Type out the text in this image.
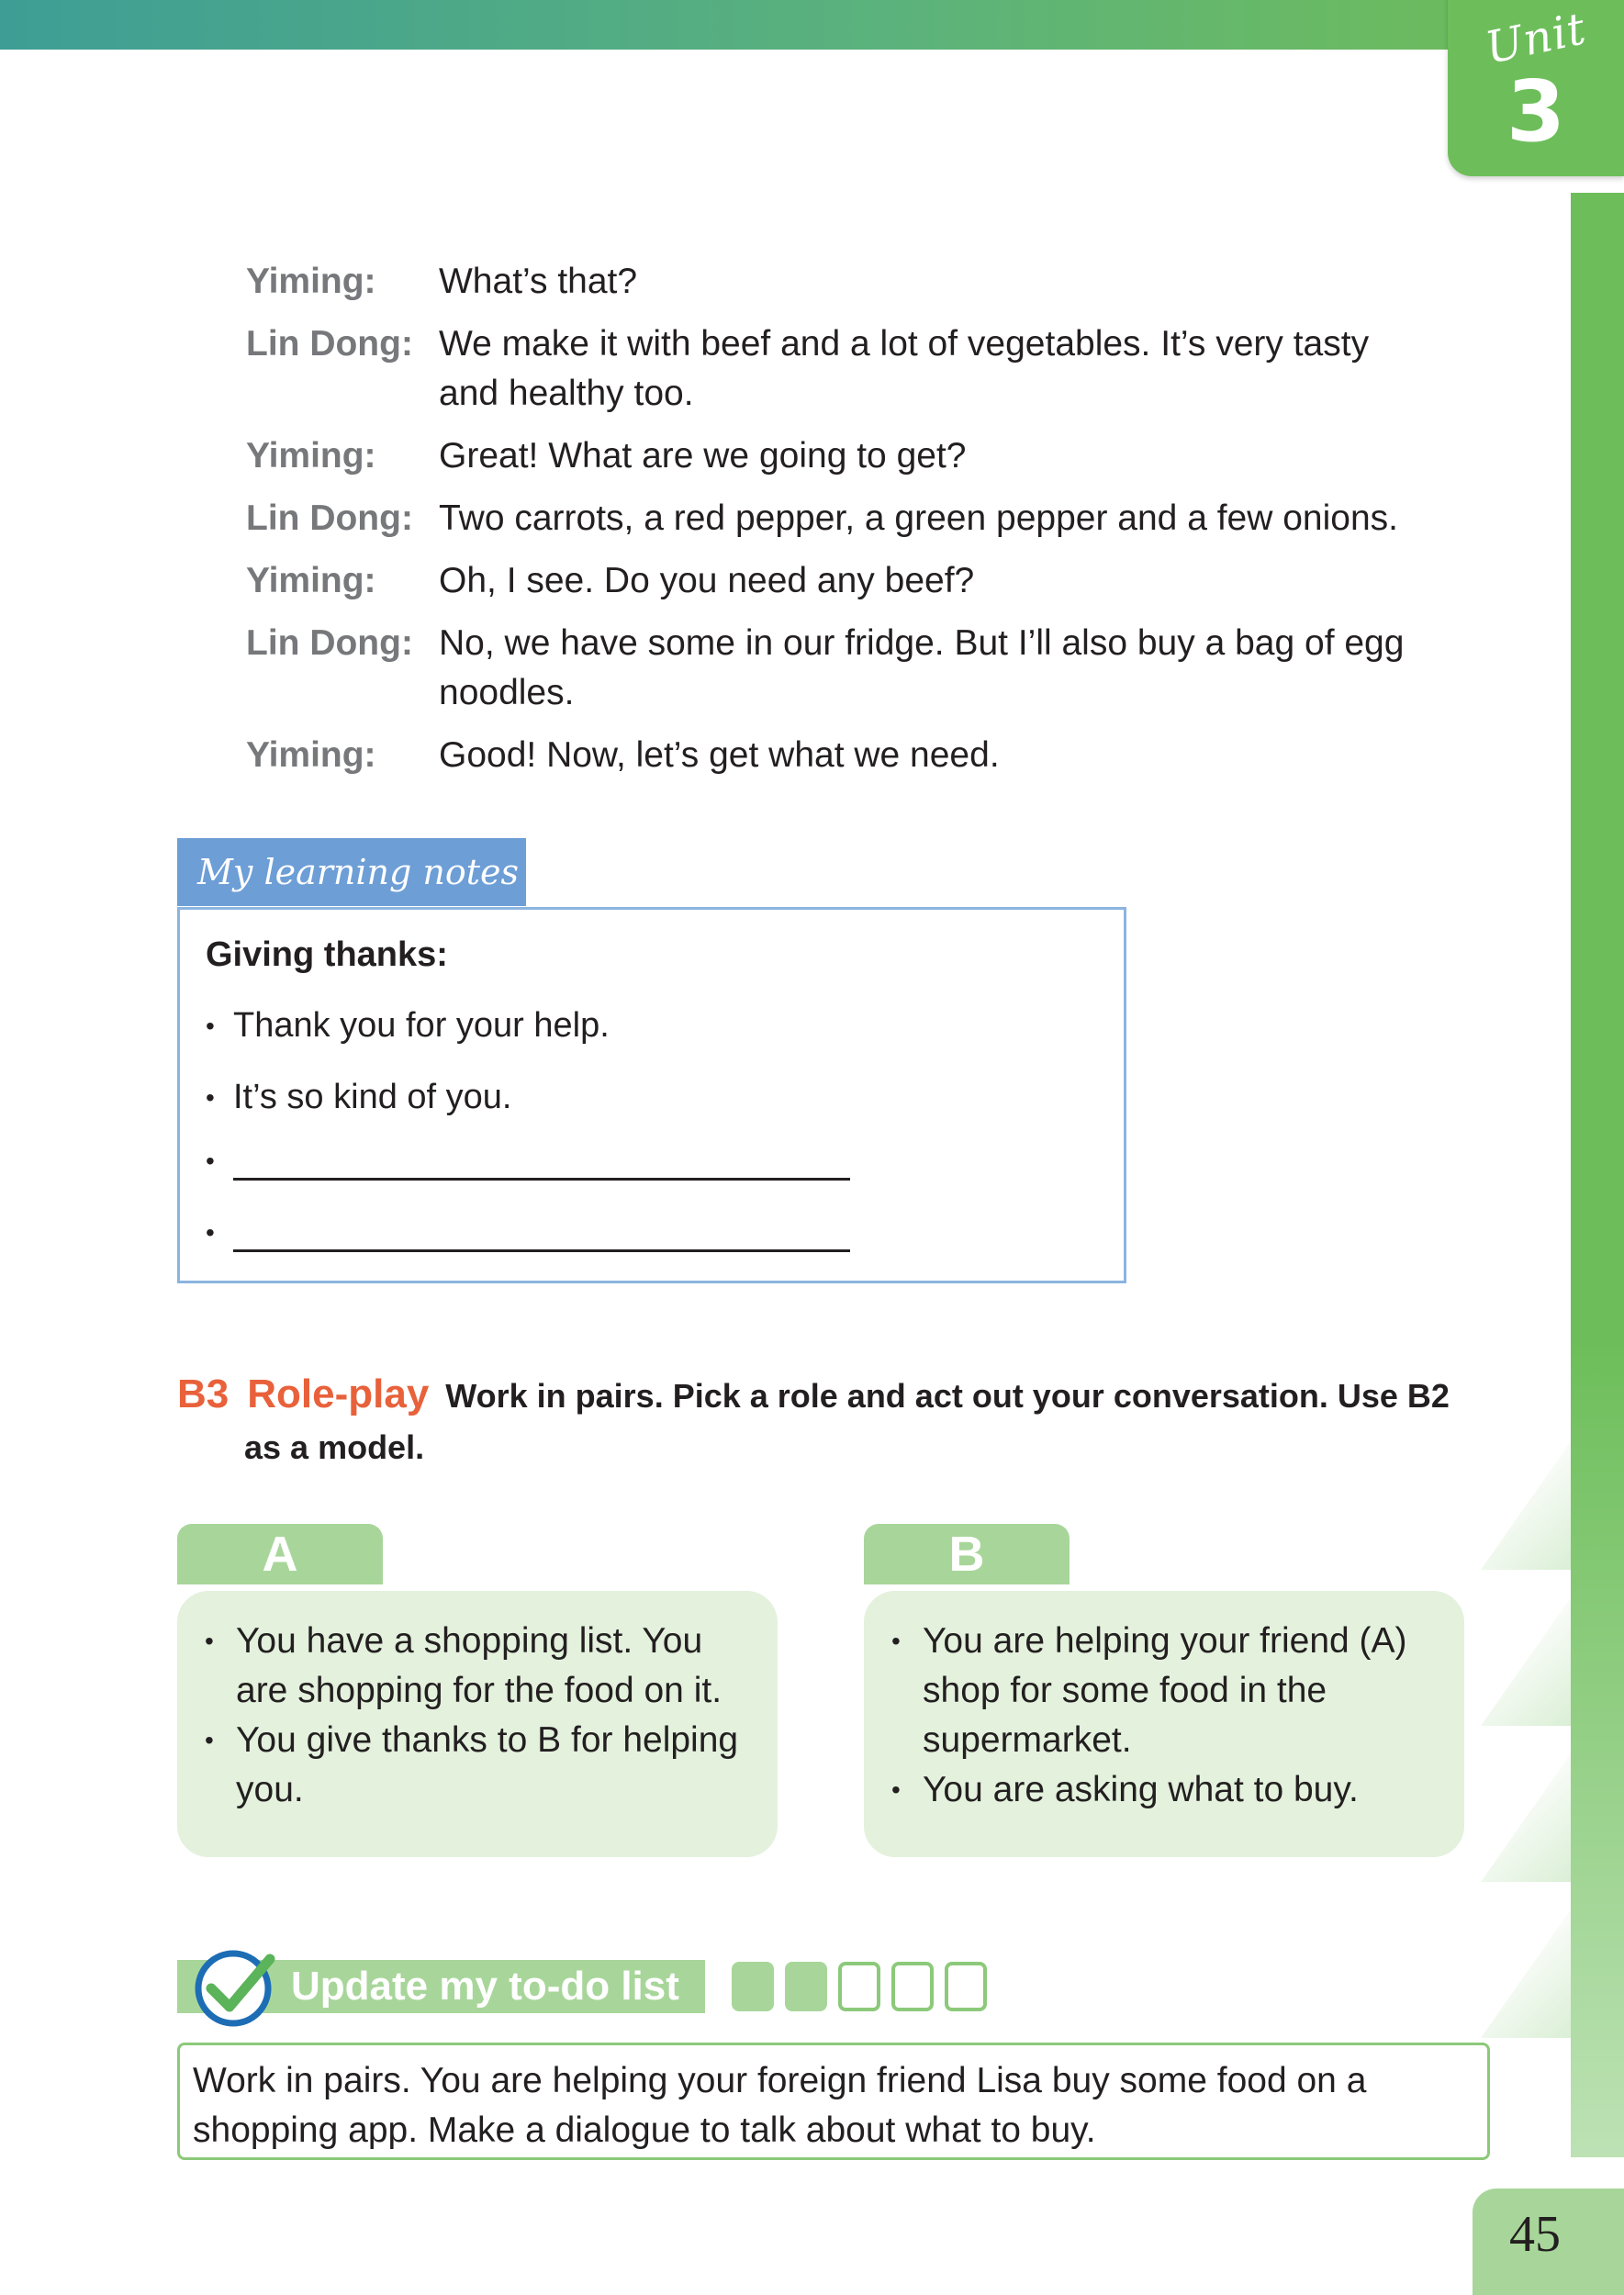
Unit
3
Yiming:	What’s that?
Lin Dong: We make it with beef and a lot of vegetables. It’s very tasty and healthy too.
Yiming:	Great! What are we going to get?
Lin Dong: Two carrots, a red pepper, a green pepper and a few onions.
Yiming:	Oh, I see. Do you need any beef?
Lin Dong: No, we have some in our fridge. But I’ll also buy a bag of egg noodles.
Yiming:	Good! Now, let’s get what we need.
My learning notes
Giving thanks:
• Thank you for your help.
• It’s so kind of you.
•
•
B3 Role-play Work in pairs. Pick a role and act out your conversation. Use B2
as a model.
A
• You have a shopping list. You are shopping for the food on it.
• You give thanks to B for helping you.
B
• You are helping your friend (A) shop for some food in the supermarket.
• You are asking what to buy.
Update my to-do list
Work in pairs. You are helping your foreign friend Lisa buy some food on a shopping app. Make a dialogue to talk about what to buy.
45
